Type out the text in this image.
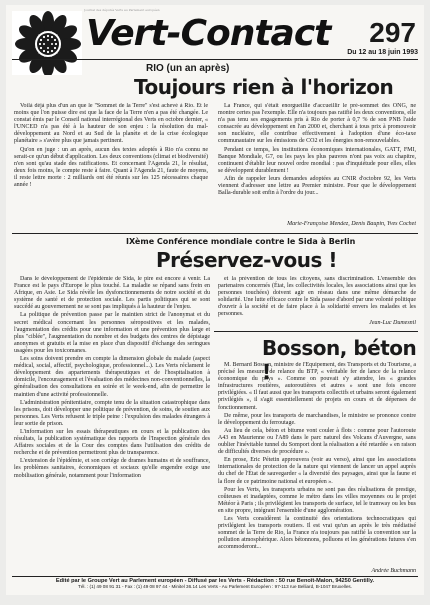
Journal des députés Verts au Parlement européen
★ ★	★
★ Vert-Contact 297
Du 12 au 18 juin 1993
RIO (un an après)
Toujours rien à l'horizon

Voilà déjà plus d'un an que le "Sommet de la Terre" s'est achevé à Rio. Et le moins que l'on puisse dire est que la face de la Terre n'en a pas été changée. Le constat émis par le Conseil national interrégional des Verts en octobre dernier, « l'UNCED n'a pas été à la hauteur de son enjeu : la résolution du mal-développement au Nord et au Sud de la planète et de la crise écologique planétaire » s'avère plus que jamais pertinent.

Qu'on en juge : un an après, aucun des textes adoptés à Rio n'a connu ne serait-ce qu'un début d'application. Les deux conventions (climat et biodiversité) n'en sont qu'au stade des ratifications. Et concernant l'Agenda 21, le résultat, deux fois moins, le compte reste à faire. Quant à l'Agenda 21, faute de moyens, il reste lettre morte : 2 milliards ont été réunis sur les 125 nécessaires chaque année !

La France, qui s'était enorgueillie d'accueillir le pré-sommet des ONG, ne montre certes pas l'exemple. Elle n'a toujours pas ratifié les deux conventions, elle n'a pas tenu ses engagements pris à Rio de porter à 0,7 % de son PNB l'aide consacrée au développement en l'an 2000 et, cherchant à tous prix à promouvoir son nucléaire, elle contribue effectivement à l'adoption d'une éco-taxe communautaire sur les émissions de CO2 et les énergies non-renouvelables.

Pendant ce temps, les institutions économiques internationales, GATT, FMI, Banque Mondiale, G7, ou les pays les plus pauvres n'ont pas voix au chapitre, continuent d'établir leur nouvel ordre mondial : pas d'inquiétude pour elles, elles se développent durablement !

Afin de rappeler leurs demandes adoptées au CNIR d'octobre 92, les Verts viennent d'adresser une lettre au Premier ministre. Pour que le développement Balla-durable soit enfin à l'ordre du jour...

Marie-Françoise Mendez, Denis Baupin, Yves Cochet
IXème Conférence mondiale contre le Sida à Berlin
Préservez-vous !

Dans le développement de l'épidémie de Sida, le pire est encore à venir. La France est le pays d'Europe le plus touché. La maladie se répand sans frein en Afrique, en Asie. Le Sida révèle les dysfonctionnements de notre société et du système de santé et de protection sociale. Les partis politiques qui se sont succédé au gouvernement ne se sont pas impliqués à la hauteur de l'enjeu.

La politique de prévention passe par le maintien strict de l'anonymat et du secret médical concernant les personnes séropositives et les malades, l'augmentation des crédits pour une information et une prévention plus large et plus "ciblée", l'augmentation du nombre et des budgets des centres de dépistage anonymes et gratuits et la mise en place d'un dispositif d'échange des seringues usagées pour les toxicomanes.

Les soins doivent prendre en compte la dimension globale du malade (aspect médical, social, affectif, psychologique, professionnel...). Les Verts réclament le développement des appartements thérapeutiques et de l'hospitalisation à domicile, l'encouragement et l'évaluation des médecines non-conventionnelles, la généralisation des consultations en soirée et le week-end, afin de permettre le maintien d'une activité professionnelle.

L'administration pénitentiaire, compte tenu de la situation catastrophique dans les prisons, doit développer une politique de prévention, de soins, de soutien aux personnes. Les Verts refusent le triple peine : l'expulsion des malades étrangers à leur sortie de prison.

L'information sur les essais thérapeutiques en cours et la publication des résultats, la publication systématique des rapports de l'Inspection générale des Affaires sociales et de la Cour des comptes dans l'utilisation des crédits de recherche et de prévention permettront plus de transparence.

L'extension de l'épidémie, et son cortège de drames humains et de souffrance, les problèmes sanitaires, économiques et sociaux qu'elle engendre exige une mobilisation générale, notamment pour l'information

et la prévention de tous les citoyens, sans discrimination. L'ensemble des partenaires concernés (État, les collectivités locales, les associations ainsi que les personnes touchées) doivent agir en réseau dans une même démarche de solidarité. Une lutte efficace contre le Sida passe d'abord par une volonté politique d'ouvrir à la société et de faire place à la solidarité envers les malades et les personnes.

Jean-Luc Dumesnil
Bosson, béton !

M. Bernard Bosson, ministre de l'Équipement, des Transports et du Tourisme, a précisé les mesures de relance du BTP, « véritable fer de lance de la relance économique du pays ». Comme on pouvait s'y attendre, les « grandes infrastructures routières, autoroutières et autres » sont une fois encore privilégiées. « Il faut aussi que les transports collectifs et urbains seront également privilégiés », il s'agit essentiellement de projets en cours et de dépenses de fonctionnement.

De même, pour les transports de marchandises, le ministre se prononce contre le développement du ferroutage.

Au lieu de cela, béton et bitume vont couler à flots : comme pour l'autoroute A43 en Maurienne ou l'A89 dans le parc naturel des Volcans d'Auvergne, sans oublier l'inévitable tunnel du Somport dont la réalisation a été retardée « en raison de difficultés diverses de procédure ».

En prose, Eric Pétetin approuvera (voir au verso), ainsi que les associations internationales de protection de la nature qui viennent de lancer un appel auprès du chef de l'État de sauvegarder « la diversité des paysages, ainsi que la faune et la flore de ce patrimoine national et européen ».

Pour les Verts, les transports urbains ne sont pas des réalisations de prestige, coûteuses et inadaptées, comme le métro dans les villes moyennes ou le projet Météor à Paris ; ils privilégient les transports de surface, tel le tramway ou les bus en site propre, intégrant l'ensemble d'une agglomération.

Les Verts considèrent la continuité des orientations technocratiques qui privilégient les transports routiers. Il est vrai qu'un an après le très médiatisé sommet de la Terre de Rio, la France n'a toujours pas ratifié la convention sur la pollution atmosphérique. Alors bétonnons, polluons et les générations futures s'en accommoderont...

Andrée Buchmann
Édité par le Groupe Vert au Parlement européen - Diffusé par les Verts - Rédaction : 50 rue Benoît-Malon, 94250 Gentilly.
Tél. : (1) 49 08 91 31 - Fax : (1) 49 08 97 44 - Minitel 36.14 Les Verts - Au Parlement Européen : 97-113 rue Belliard, B-1047 Bruxelles.
